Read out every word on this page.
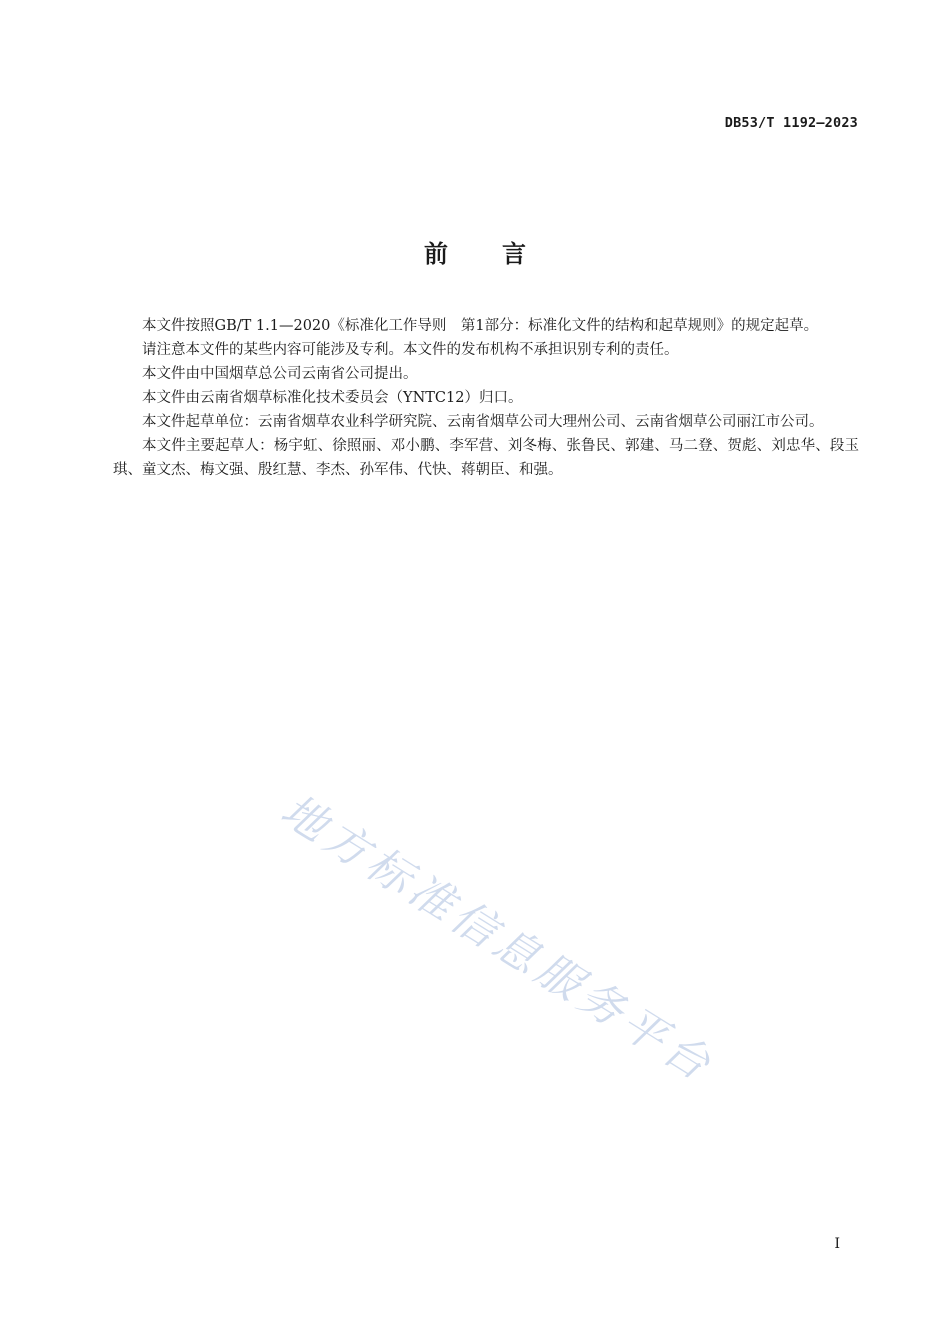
DB53/T 1192—2023
前言

本文件按照GB/T 1.1—2020《标准化工作导则　第1部分：标准化文件的结构和起草规则》的规定起草。

请注意本文件的某些内容可能涉及专利。本文件的发布机构不承担识别专利的责任。

本文件由中国烟草总公司云南省公司提出。

本文件由云南省烟草标准化技术委员会（YNTC12）归口。

本文件起草单位：云南省烟草农业科学研究院、云南省烟草公司大理州公司、云南省烟草公司丽江市公司。

本文件主要起草人：杨宇虹、徐照丽、邓小鹏、李军营、刘冬梅、张鲁民、郭建、马二登、贺彪、刘忠华、段玉琪、童文杰、梅文强、殷红慧、李杰、孙军伟、代快、蒋朝臣、和强。

地方标准信息服务平台
I
